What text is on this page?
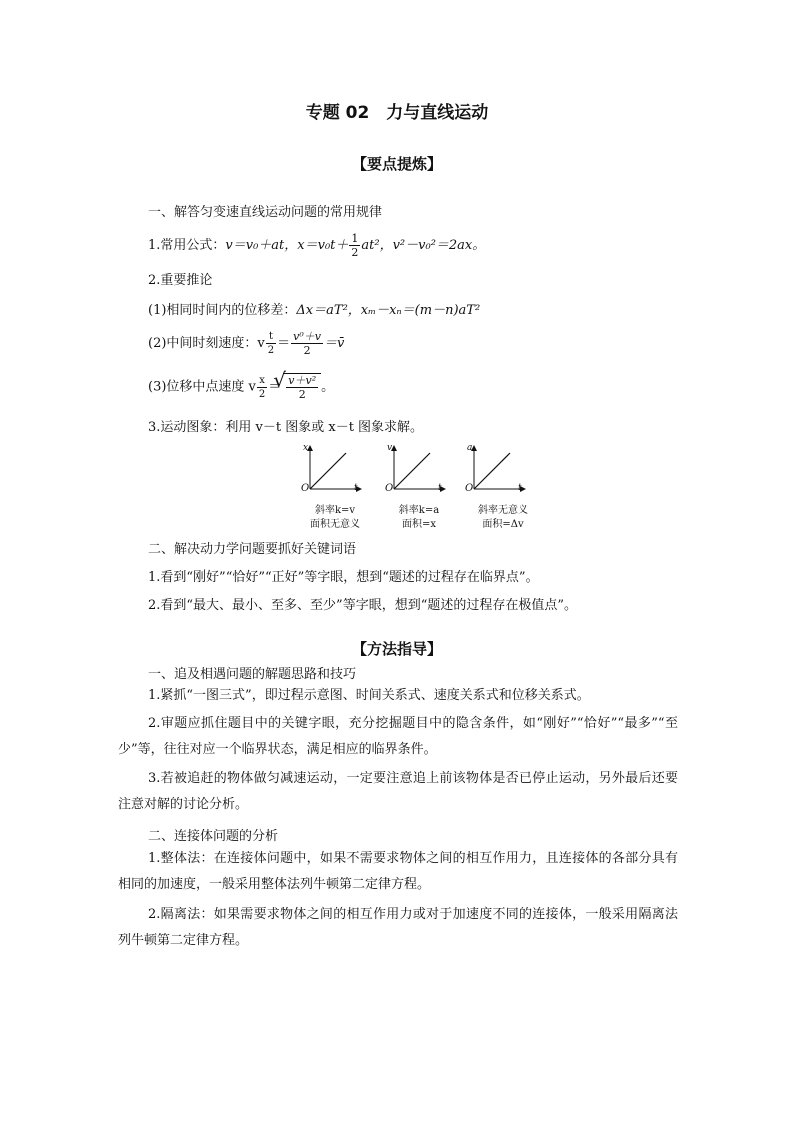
专题 02　力与直线运动
【要点提炼】
一、解答匀变速直线运动问题的常用规律
1.常用公式：v＝v₀＋at，$x=v_0t+ \frac{1}{2} at^2$，v²－v₀²＝2ax。
2.重要推论
(1)相同时间内的位移差：Δx＝aT²，xₘ－xₙ＝(m－n)aT²
(2)中间时刻速度：v $\frac{t}{2} = \frac{\text{v⁰＋v}}{2}$ ＝v̄
(3)位移中点速度 v $\frac{x}{2}$ ＝
√ $\frac{\text{v＋v²}}{2}$ 。
3.运动图象：利用 v－t 图象或 x－t 图象求解。
x
O	t
斜率k=v
面积无意义
v
O	t
斜率k=a
面积=x
a
O	t
斜率无意义
面积=Δv
二、解决动力学问题要抓好关键词语
1.看到“刚好”“恰好”“正好”等字眼，想到“题述的过程存在临界点”。
2.看到“最大、最小、至多、至少”等字眼，想到“题述的过程存在极值点”。
【方法指导】
一、追及相遇问题的解题思路和技巧
1.紧抓“一图三式”，即过程示意图、时间关系式、速度关系式和位移关系式。
2.审题应抓住题目中的关键字眼，充分挖掘题目中的隐含条件，如“刚好”“恰好”“最多”“至少”等，往往对应一个临界状态，满足相应的临界条件。
3.若被追赶的物体做匀减速运动，一定要注意追上前该物体是否已停止运动，另外最后还要注意对解的讨论分析。
二、连接体问题的分析
1.整体法：在连接体问题中，如果不需要求物体之间的相互作用力，且连接体的各部分具有相同的加速度，一般采用整体法列牛顿第二定律方程。
2.隔离法：如果需要求物体之间的相互作用力或对于加速度不同的连接体，一般采用隔离法列牛顿第二定律方程。
